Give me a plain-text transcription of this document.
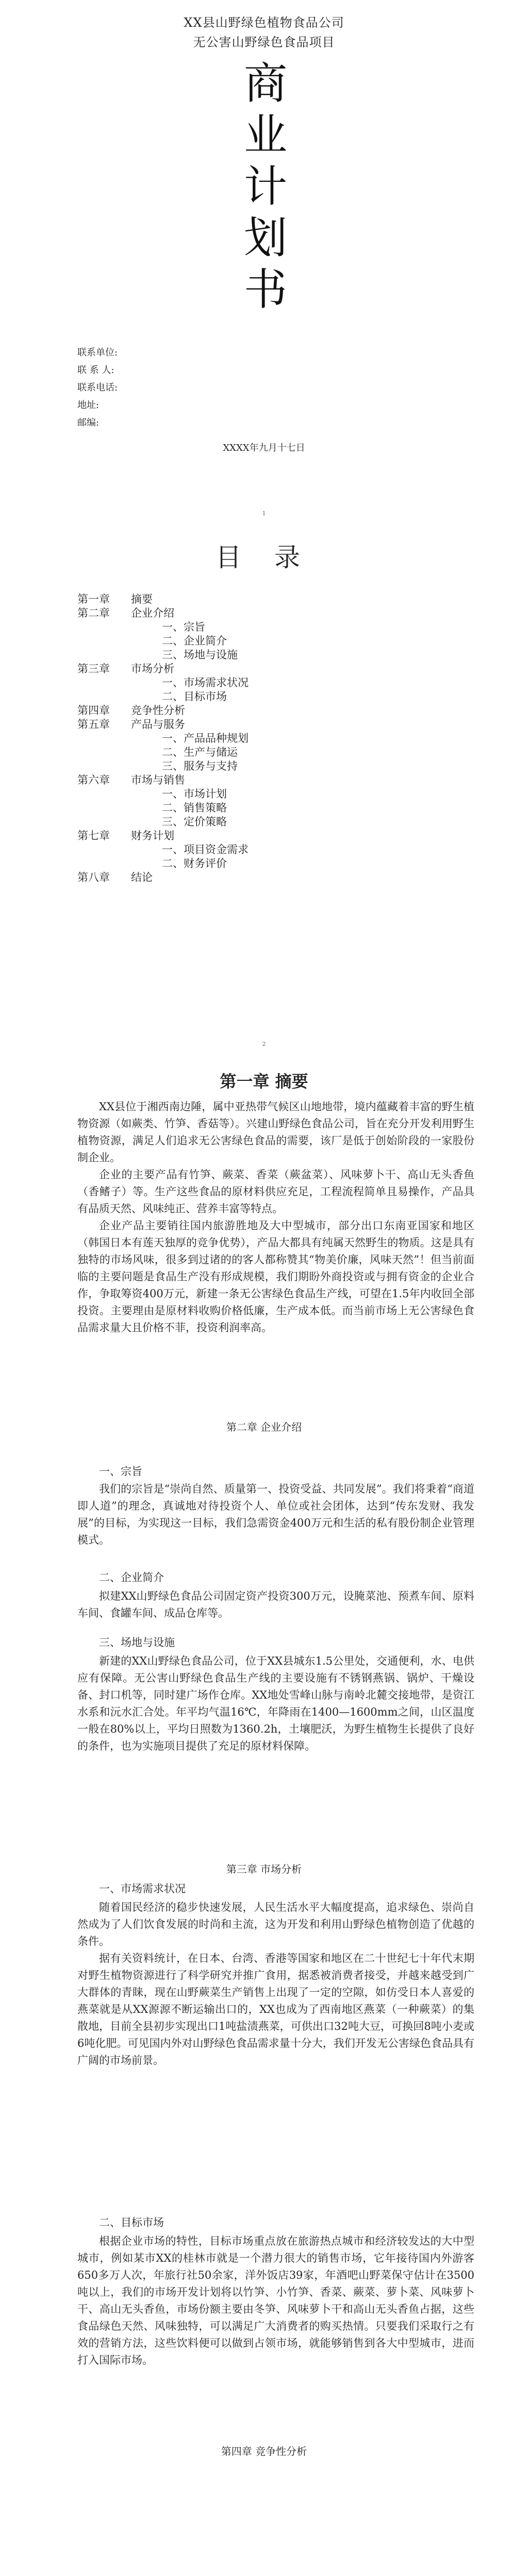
XX县山野绿色植物食品公司
无公害山野绿色食品项目
商
业
计
划
书
联系单位:
联 系 人:
联系电话:
地址:
邮编:
XXXX年九月十七日
1
目 录
第一章 摘要
第二章 企业介绍
一、宗旨
二、企业简介
三、场地与设施
第三章 市场分析
一、市场需求状况
二、目标市场
第四章 竞争性分析
第五章 产品与服务
一、产品品种规划
二、生产与储运
三、服务与支持
第六章 市场与销售
一、市场计划
二、销售策略
三、定价策略
第七章 财务计划
一、项目资金需求
二、财务评价
第八章 结论
2
第一章 摘要

XX县位于湘西南边陲，属中亚热带气候区山地地带，境内蕴藏着丰富的野生植物资源（如蕨类、竹笋、香菇等）。兴建山野绿色食品公司，旨在充分开发利用野生植物资源，满足人们追求无公害绿色食品的需要，该厂是低于创始阶段的一家股份制企业。

企业的主要产品有竹笋、蕨菜、香菜（蕨盆菜）、风味萝卜干、高山无头香鱼（香鳍子）等。生产这些食品的原材料供应充足，工程流程简单且易操作，产品具有品质天然、风味纯正、营养丰富等特点。

企业产品主要销往国内旅游胜地及大中型城市，部分出口东南亚国家和地区（韩国日本有莲天独厚的竞争优势），产品大都具有纯属天然野生的物质。这是具有独特的市场风味，很多到过诸的的客人都称赞其“物美价廉，风味天然”！但当前面临的主要问题是食品生产没有形成规模，我们期盼外商投资或与拥有资金的企业合作，争取筹资400万元，新建一条无公害绿色食品生产线，可望在1.5年内收回全部投资。主要理由是原材料收购价格低廉，生产成本低。而当前市场上无公害绿色食品需求量大且价格不菲，投资利润率高。

第二章 企业介绍
一、宗旨

我们的宗旨是“崇尚自然、质量第一、投资受益、共同发展”。我们将秉着“商道即人道”的理念，真诚地对待投资个人、单位或社会团体，达到“传东发财、我发展”的目标，为实现这一目标，我们急需资金400万元和生活的私有股份制企业管理模式。

二、企业简介

拟建XX山野绿色食品公司固定资产投资300万元，设腌菜池、预煮车间、原料车间、食罐车间、成品仓库等。

三、场地与设施

新建的XX山野绿色食品公司，位于XX县城东1.5公里处，交通便利，水、电供应有保障。无公害山野绿色食品生产线的主要设施有不锈钢燕锅、锅炉、干燥设备、封口机等，同时建广场作仓库。XX地处雪峰山脉与南岭北麓交接地带，是资江水系和沅水汇合处。年平均气温16℃，年降雨在1400—1600mm之间，山区温度一般在80%以上，平均日照数为1360.2h，土壤肥沃，为野生植物生长提供了良好的条件，也为实施项目提供了充足的原材料保障。

第三章 市场分析
一、市场需求状况

随着国民经济的稳步快速发展，人民生活水平大幅度提高，追求绿色、崇尚自然成为了人们饮食发展的时尚和主流，这为开发和利用山野绿色植物创造了优越的条件。

据有关资料统计，在日本、台湾、香港等国家和地区在二十世纪七十年代末期对野生植物资源进行了科学研究并推广食用，据悉被消费者接受，并越来越受到广大群体的青睐，现在山野蕨菜生产销售上出现了一定的空隙，如仿受日本人喜爱的燕菜就是从XX源源不断运输出口的，XX也成为了西南地区燕菜（一种蕨菜）的集散地，目前全县初步实现出口1吨盐渍燕菜，可供出口32吨大豆，可换回8吨小麦或6吨化肥。可见国内外对山野绿色食品需求量十分大，我们开发无公害绿色食品具有广阔的市场前景。

二、目标市场

根据企业市场的特性，目标市场重点放在旅游热点城市和经济较发达的大中型城市，例如某市XX的桂林市就是一个潜力很大的销售市场，它年接待国内外游客650多万人次，年旅行社50余家，洋外饭店39家，年酒吧山野菜保守估计在3500吨以上，我们的市场开发计划将以竹笋、小竹笋、香菜、蕨菜、萝卜菜、风味萝卜干、高山无头香鱼，市场份额主要由冬笋、风味萝卜干和高山无头香鱼占据，这些食品绿色天然、风味独特，可以满足广大消费者的购买热情。只要我们采取行之有效的营销方法，这些饮料便可以做到占领市场，就能够销售到各大中型城市，进而打入国际市场。

第四章 竞争性分析
